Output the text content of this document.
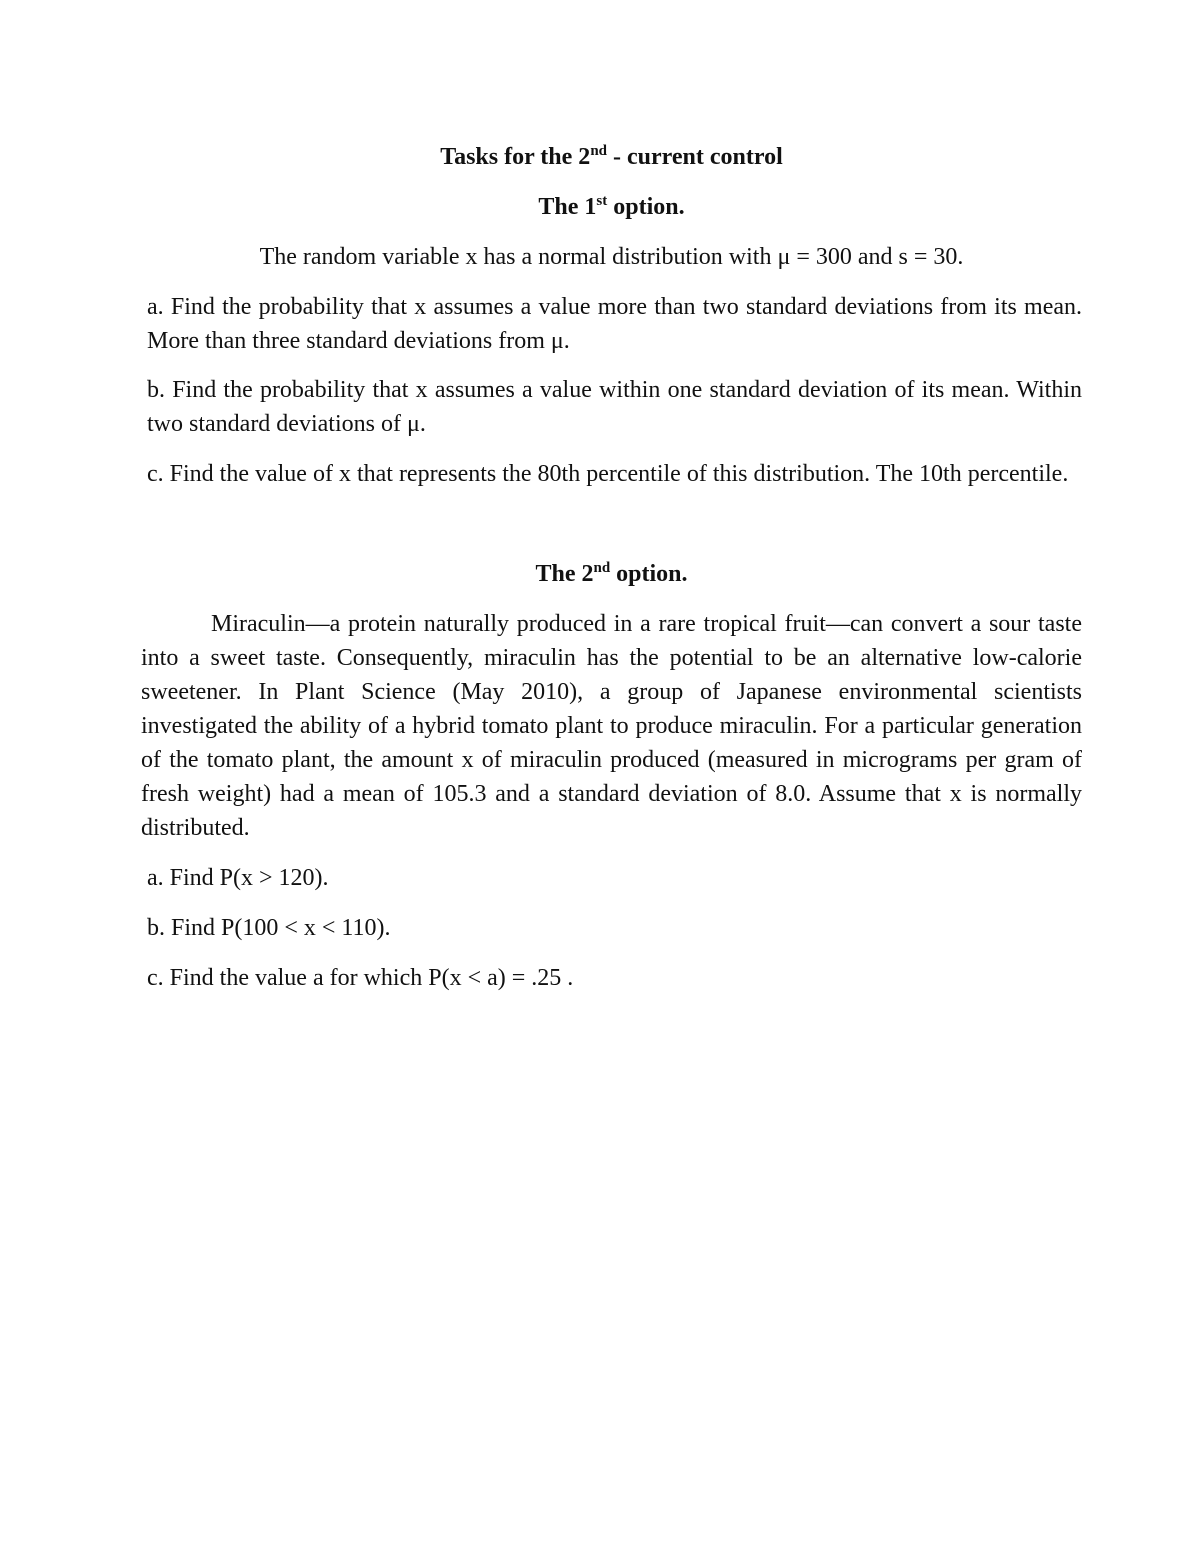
Tasks for the 2nd - current control

The 1st option.

The random variable x has a normal distribution with μ = 300 and s = 30.

a. Find the probability that x assumes a value more than two standard deviations from its mean. More than three standard deviations from μ.

b. Find the probability that x assumes a value within one standard deviation of its mean. Within two standard deviations of μ.

c. Find the value of x that represents the 80th percentile of this distribution. The 10th percentile.

The 2nd option.

Miraculin—a protein naturally produced in a rare tropical fruit—can convert a sour taste into a sweet taste. Consequently, miraculin has the potential to be an alternative low-calorie sweetener. In Plant Science (May 2010), a group of Japanese environmental scientists investigated the ability of a hybrid tomato plant to produce miraculin. For a particular generation of the tomato plant, the amount x of miraculin produced (measured in micrograms per gram of fresh weight) had a mean of 105.3 and a standard deviation of 8.0. Assume that x is normally distributed.

a. Find P(x > 120).

b. Find P(100 < x < 110).

c. Find the value a for which P(x < a) = .25 .
